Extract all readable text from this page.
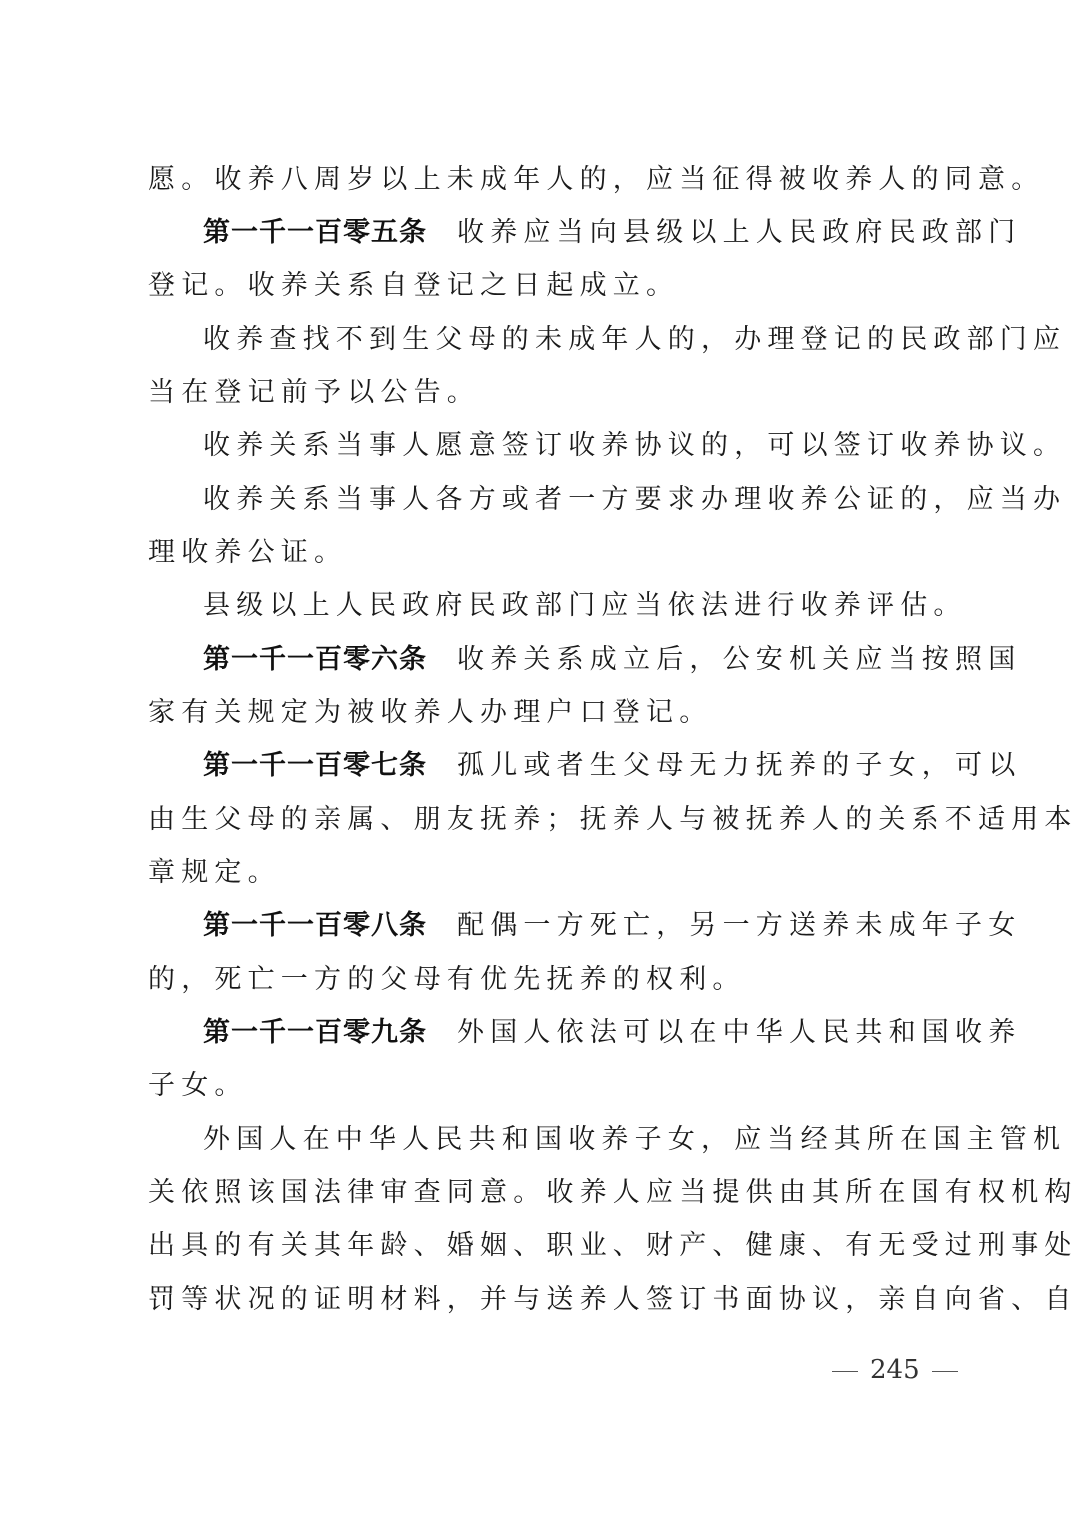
愿。收养八周岁以上未成年人的，应当征得被收养人的同意。
第一千一百零五条 收养应当向县级以上人民政府民政部门
登记。收养关系自登记之日起成立。
收养查找不到生父母的未成年人的，办理登记的民政部门应
当在登记前予以公告。
收养关系当事人愿意签订收养协议的，可以签订收养协议。
收养关系当事人各方或者一方要求办理收养公证的，应当办
理收养公证。
县级以上人民政府民政部门应当依法进行收养评估。
第一千一百零六条 收养关系成立后，公安机关应当按照国
家有关规定为被收养人办理户口登记。
第一千一百零七条 孤儿或者生父母无力抚养的子女，可以
由生父母的亲属、朋友抚养；抚养人与被抚养人的关系不适用本
章规定。
第一千一百零八条 配偶一方死亡，另一方送养未成年子女
的，死亡一方的父母有优先抚养的权利。
第一千一百零九条 外国人依法可以在中华人民共和国收养
子女。
外国人在中华人民共和国收养子女，应当经其所在国主管机
关依照该国法律审查同意。收养人应当提供由其所在国有权机构
出具的有关其年龄、婚姻、职业、财产、健康、有无受过刑事处
罚等状况的证明材料，并与送养人签订书面协议，亲自向省、自
245
